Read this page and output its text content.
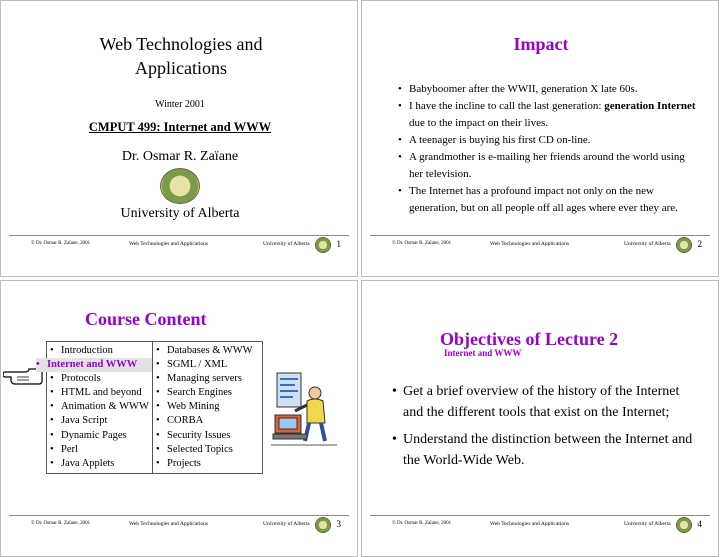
Web Technologies and Applications
Winter 2001
CMPUT 499: Internet and WWW
Dr. Osmar R. Zaïane
University of Alberta
© Dr. Osmar R. Zaïane, 2001	Web Technologies and Applications	University of Alberta	1
Impact
• Babyboomer after the WWII, generation X late 60s.
• I have the incline to call the last generation: generation Internet due to the impact on their lives.
• A teenager is buying his first CD on-line.
• A grandmother is e-mailing her friends around the world using her television.
• The Internet has a profound impact not only on the new generation, but on all people off all ages where ever they are.
© Dr. Osmar R. Zaïane, 2001	Web Technologies and Applications	University of Alberta	2
Course Content
• Introduction
• Internet and WWW
• Protocols
• HTML and beyond
• Animation & WWW
• Java Script
• Dynamic Pages
• Perl
• Java Applets

• Databases & WWW
• SGML / XML
• Managing servers
• Search Engines
• Web Mining
• CORBA
• Security Issues
• Selected Topics
• Projects
© Dr. Osmar R. Zaïane, 2001	Web Technologies and Applications	University of Alberta	3
Objectives of Lecture 2
Internet and WWW
• Get a brief overview of the history of the Internet and the different tools that exist on the Internet;
• Understand the distinction between the Internet and the World-Wide Web.
© Dr. Osmar R. Zaïane, 2001	Web Technologies and Applications	University of Alberta	4
